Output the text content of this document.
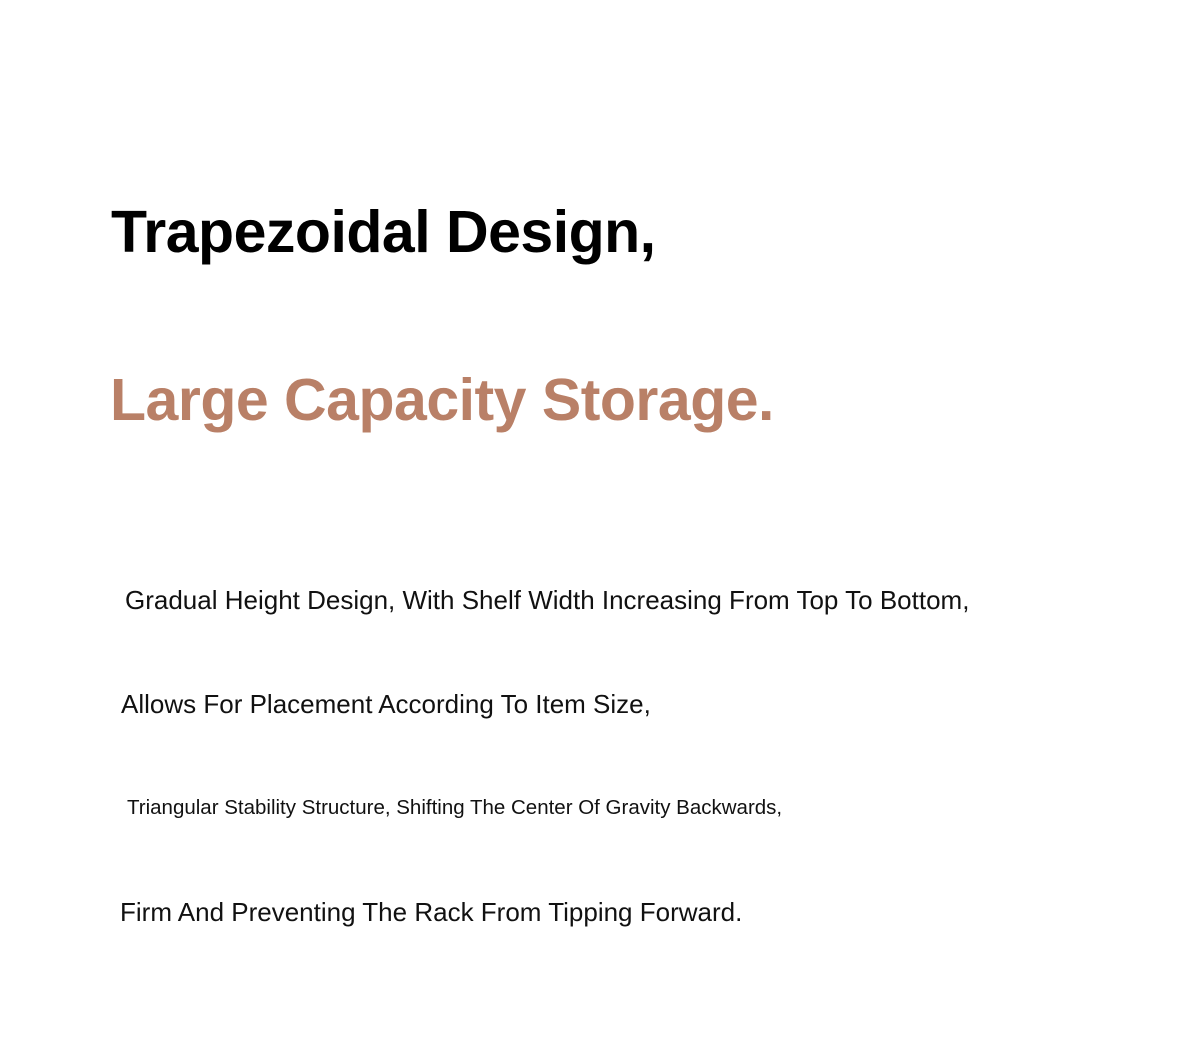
Trapezoidal Design,
Large Capacity Storage.
Gradual Height Design, With Shelf Width Increasing From Top To Bottom,
Allows For Placement According To Item Size,
Triangular Stability Structure, Shifting The Center Of Gravity Backwards,
Firm And Preventing The Rack From Tipping Forward.
